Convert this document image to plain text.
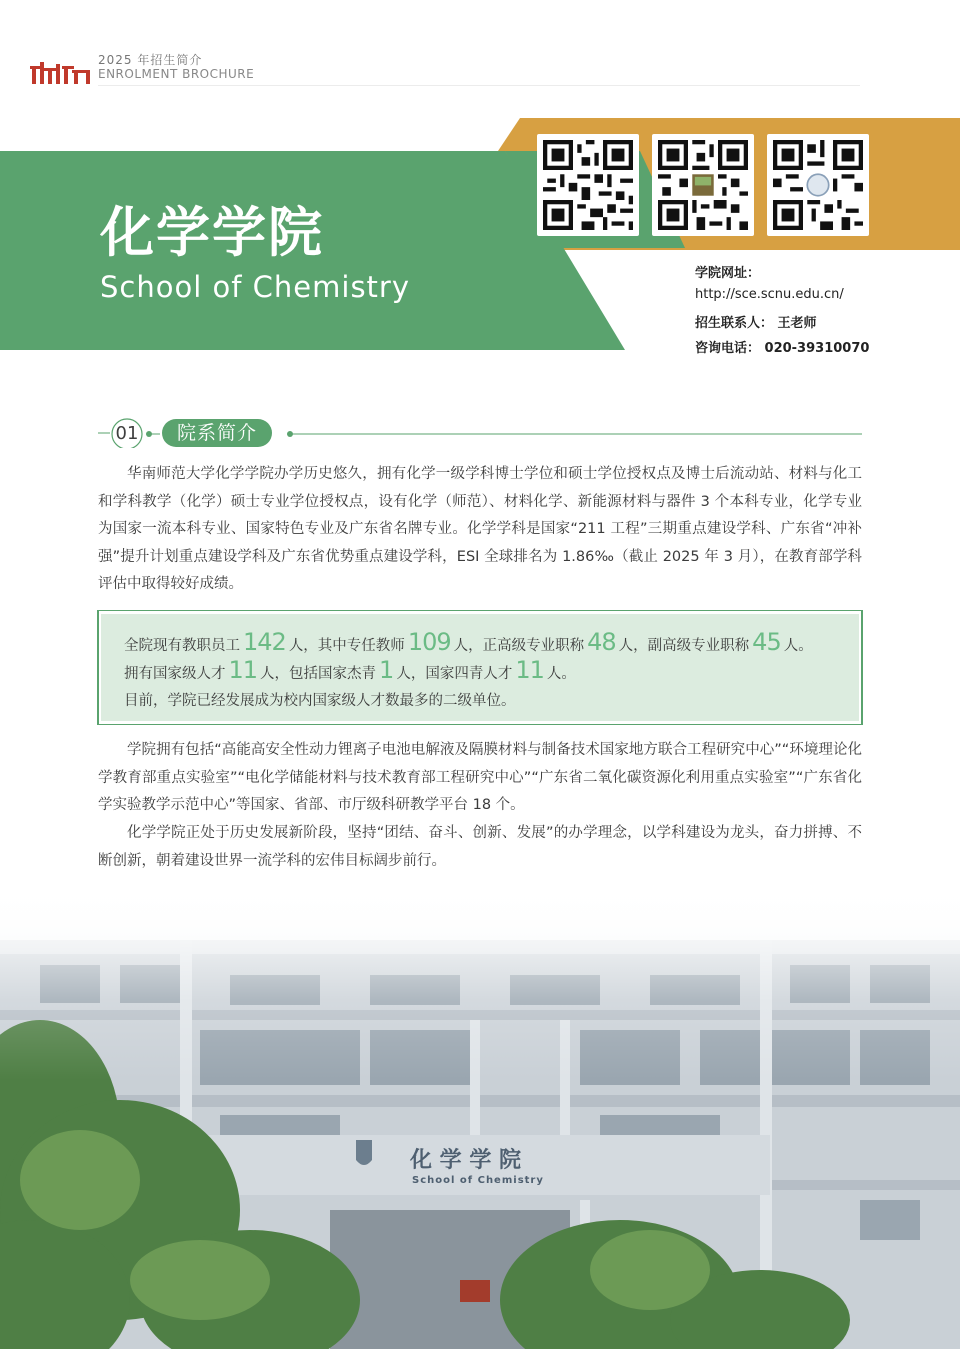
2025 年招生简介
ENROLMENT BROCHURE
化学学院
School of Chemistry	学院网址：
http://sce.scnu.edu.cn/
招生联系人： 王老师
咨询电话： 020-39310070
01	院系简介

华南师范大学化学学院办学历史悠久，拥有化学一级学科博士学位和硕士学位授权点及博士后流动站、材料与化工和学科教学（化学）硕士专业学位授权点，设有化学（师范）、材料化学、新能源材料与器件 3 个本科专业，化学专业为国家一流本科专业、国家特色专业及广东省名牌专业。化学学科是国家“211 工程”三期重点建设学科、广东省“冲补强”提升计划重点建设学科及广东省优势重点建设学科，ESI 全球排名为 1.86‰（截止 2025 年 3 月），在教育部学科评估中取得较好成绩。

全院现有教职员工 142 人，其中专任教师 109 人，正高级专业职称 48 人，副高级专业职称 45 人。
拥有国家级人才 11 人，包括国家杰青 1 人，国家四青人才 11 人。
目前，学院已经发展成为校内国家级人才数最多的二级单位。

学院拥有包括“高能高安全性动力锂离子电池电解液及隔膜材料与制备技术国家地方联合工程研究中心”“环境理论化学教育部重点实验室”“电化学储能材料与技术教育部工程研究中心”“广东省二氧化碳资源化利用重点实验室”“广东省化学实验教学示范中心”等国家、省部、市厅级科研教学平台 18 个。

化学学院正处于历史发展新阶段，坚持“团结、奋斗、创新、发展”的办学理念，以学科建设为龙头，奋力拼搏、不断创新，朝着建设世界一流学科的宏伟目标阔步前行。

化 学 学 院
School of Chemistry
